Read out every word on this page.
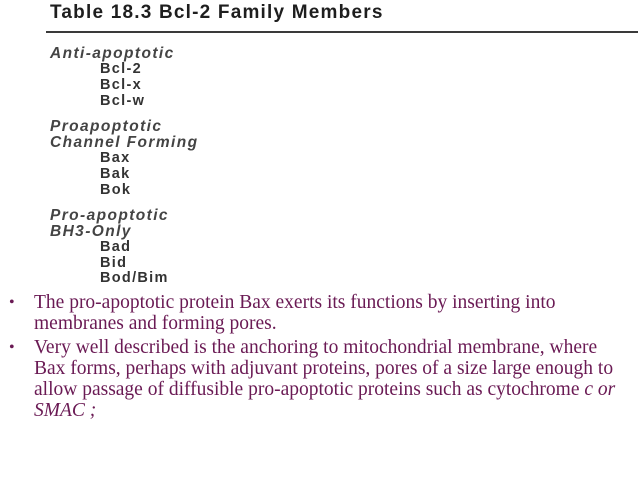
Table 18.3 Bcl-2 Family Members

Anti-apoptotic

Bcl-2
Bcl-x
Bcl-w

Proapoptotic

Channel Forming

Bax
Bak
Bok

Pro-apoptotic

BH3-Only

Bad
Bid
Bod/Bim
• The pro-apoptotic protein Bax exerts its functions by inserting into membranes and forming pores.
• Very well described is the anchoring to mitochondrial membrane, where Bax forms, perhaps with adjuvant proteins, pores of a size large enough to allow passage of diffusible pro-apoptotic proteins such as cytochrome c or SMAC ;
